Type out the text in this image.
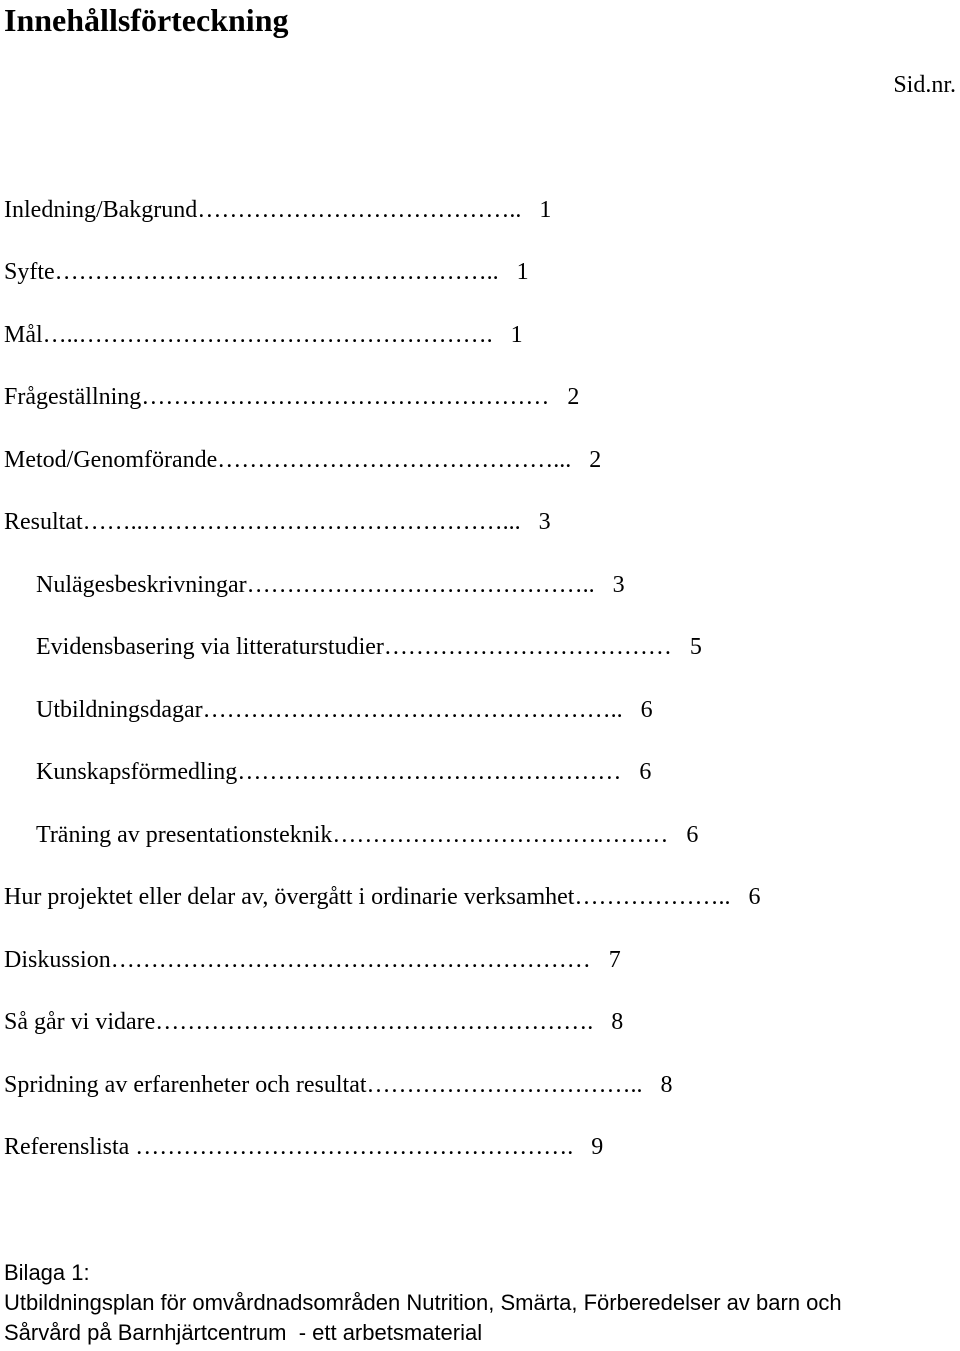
Innehållsförteckning
Sid.nr.
Inledning/Bakgrund………………………………….. 1
Syfte……………………………………………….. 1
Mål…..……………………………………………. 1
Frågeställning…………………………………………… 2
Metod/Genomförande……………………………………... 2
Resultat……..………………………………………... 3
Nulägesbeskrivningar…………………………………….. 3
Evidensbasering via litteraturstudier……………………………… 5
Utbildningsdagar…………………………………………….. 6
Kunskapsförmedling………………………………………… 6
Träning av presentationsteknik…………………………………… 6
Hur projektet eller delar av, övergått i ordinarie verksamhet……………….. 6
Diskussion…………………………………………………… 7
Så går vi vidare………………………………………………. 8
Spridning av erfarenheter och resultat…………………………….. 8
Referenslista ………………………………………………. 9
Bilaga 1:
Utbildningsplan för omvårdnadsområden Nutrition, Smärta, Förberedelser av barn och
Sårvård på Barnhjärtcentrum  - ett arbetsmaterial
